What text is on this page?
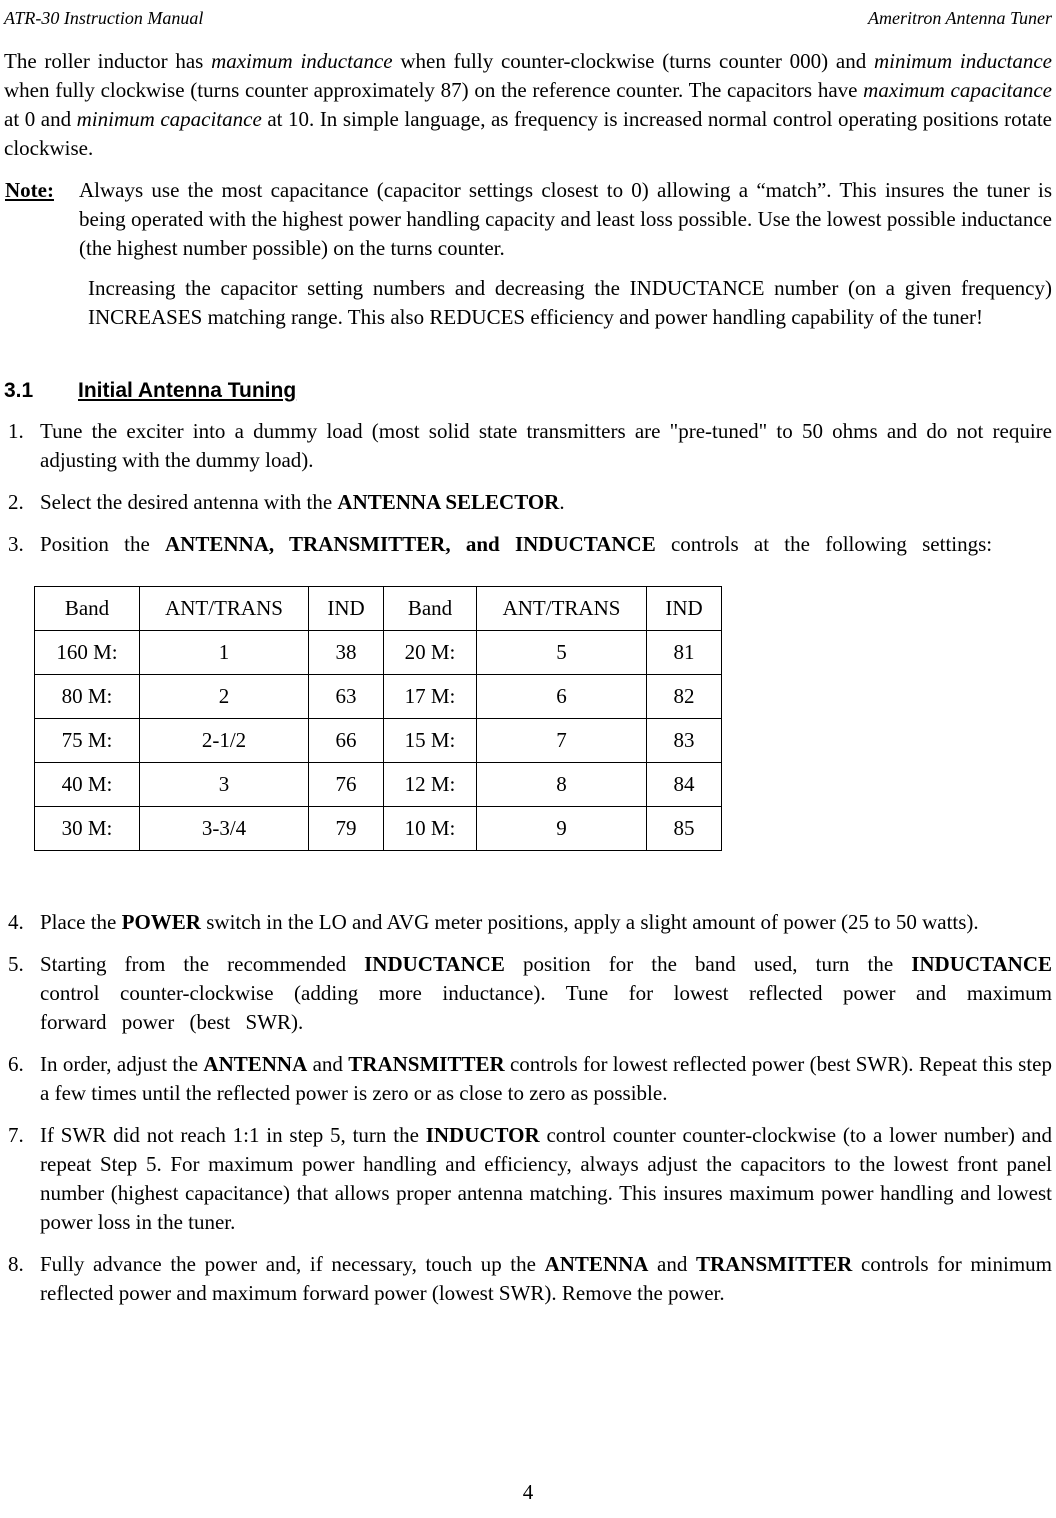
ATR-30 Instruction Manual	Ameritron Antenna Tuner

The roller inductor has maximum inductance when fully counter-clockwise (turns counter 000) and minimum inductance when fully clockwise (turns counter approximately 87) on the reference counter. The capacitors have maximum capacitance at 0 and minimum capacitance at 10. In simple language, as frequency is increased normal control operating positions rotate clockwise.

Note: Always use the most capacitance (capacitor settings closest to 0) allowing a “match”. This insures the tuner is being operated with the highest power handling capacity and least loss possible. Use the lowest possible inductance (the highest number possible) on the turns counter.

Increasing the capacitor setting numbers and decreasing the INDUCTANCE number (on a given frequency) INCREASES matching range. This also REDUCES efficiency and power handling capability of the tuner!

3.1 Initial Antenna Tuning
1. Tune the exciter into a dummy load (most solid state transmitters are "pre-tuned" to 50 ohms and do not require adjusting with the dummy load).
2. Select the desired antenna with the ANTENNA SELECTOR.
3. Position the ANTENNA, TRANSMITTER, and INDUCTANCE controls at the following settings:
Band	ANT/TRANS	IND	Band	ANT/TRANS	IND
160 M:	1	38	20 M:	5	81
80 M:	2	63	17 M:	6	82
75 M:	2-1/2	66	15 M:	7	83
40 M:	3	76	12 M:	8	84
30 M:	3-3/4	79	10 M:	9	85
4. Place the POWER switch in the LO and AVG meter positions, apply a slight amount of power (25 to 50 watts).
5. Starting from the recommended INDUCTANCE position for the band used, turn the INDUCTANCE control counter-clockwise (adding more inductance). Tune for lowest reflected power and maximum forward power (best SWR).
6. In order, adjust the ANTENNA and TRANSMITTER controls for lowest reflected power (best SWR). Repeat this step a few times until the reflected power is zero or as close to zero as possible.
7. If SWR did not reach 1:1 in step 5, turn the INDUCTOR control counter counter-clockwise (to a lower number) and repeat Step 5. For maximum power handling and efficiency, always adjust the capacitors to the lowest front panel number (highest capacitance) that allows proper antenna matching. This insures maximum power handling and lowest power loss in the tuner.
8. Fully advance the power and, if necessary, touch up the ANTENNA and TRANSMITTER controls for minimum reflected power and maximum forward power (lowest SWR). Remove the power.
4
